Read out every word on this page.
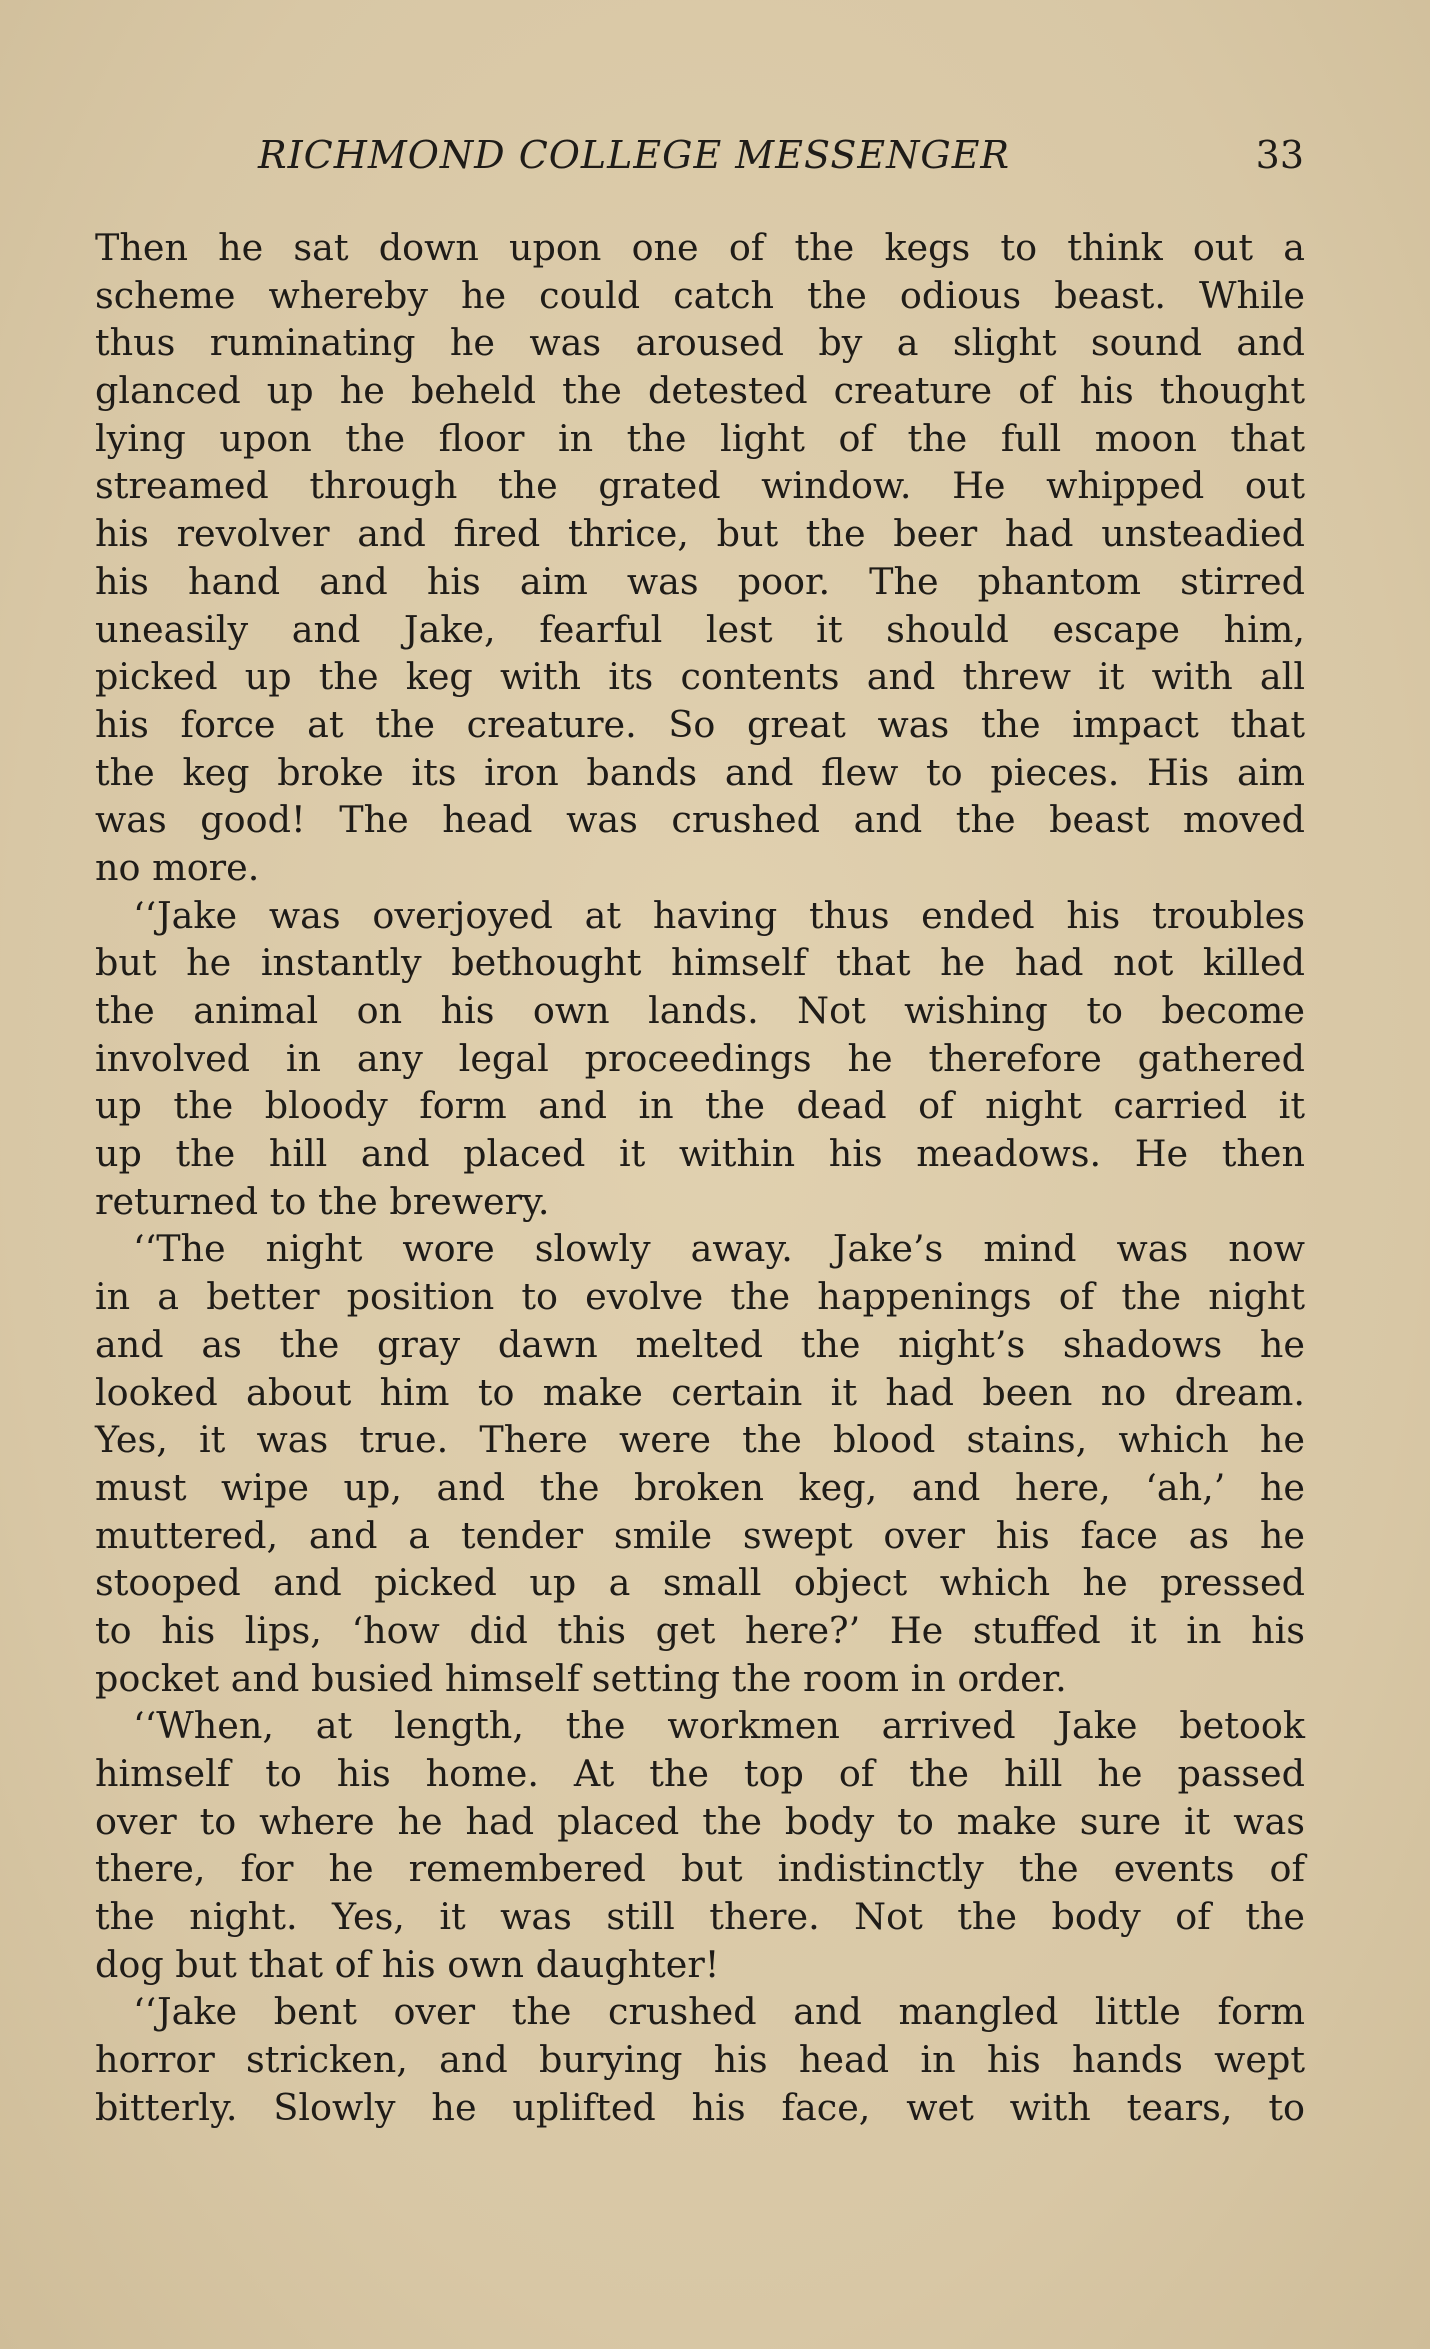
RICHMOND COLLEGE MESSENGER	33
Then he sat down upon one of the kegs to think out a
scheme whereby he could catch the odious beast. While
thus ruminating he was aroused by a slight sound and
glanced up he beheld the detested creature of his thought
lying upon the floor in the light of the full moon that
streamed through the grated window. He whipped out
his revolver and fired thrice, but the beer had unsteadied
his hand and his aim was poor. The phantom stirred
uneasily and Jake, fearful lest it should escape him,
picked up the keg with its contents and threw it with all
his force at the creature. So great was the impact that
the keg broke its iron bands and flew to pieces. His aim
was good! The head was crushed and the beast moved
no more.
‘‘Jake was overjoyed at having thus ended his troubles
but he instantly bethought himself that he had not killed
the animal on his own lands. Not wishing to become
involved in any legal proceedings he therefore gathered
up the bloody form and in the dead of night carried it
up the hill and placed it within his meadows. He then
returned to the brewery.
‘‘The night wore slowly away. Jake’s mind was now
in a better position to evolve the happenings of the night
and as the gray dawn melted the night’s shadows he
looked about him to make certain it had been no dream.
Yes, it was true. There were the blood stains, which he
must wipe up, and the broken keg, and here, ‘ah,’ he
muttered, and a tender smile swept over his face as he
stooped and picked up a small object which he pressed
to his lips, ‘how did this get here?’ He stuffed it in his
pocket and busied himself setting the room in order.
‘‘When, at length, the workmen arrived Jake betook
himself to his home. At the top of the hill he passed
over to where he had placed the body to make sure it was
there, for he remembered but indistinctly the events of
the night. Yes, it was still there. Not the body of the
dog but that of his own daughter!
‘‘Jake bent over the crushed and mangled little form
horror stricken, and burying his head in his hands wept
bitterly. Slowly he uplifted his face, wet with tears, to
